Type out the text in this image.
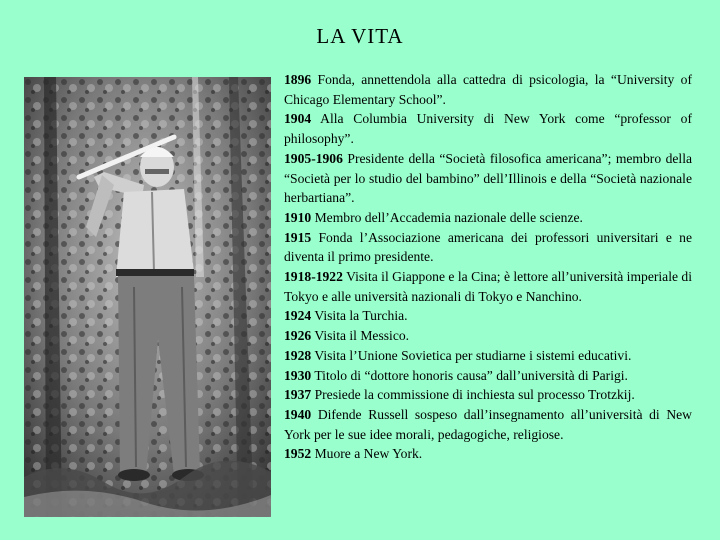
LA VITA

1896 Fonda, annettendola alla cattedra di psicologia, la “University of Chicago Elementary School”.

1904 Alla Columbia University di New York come “professor of philosophy”.

1905-1906 Presidente della “Società filosofica americana”; membro della “Società per lo studio del bambino” dell’Illinois e della “Società nazionale herbartiana”.

1910 Membro dell’Accademia nazionale delle scienze.

1915 Fonda l’Associazione americana dei professori universitari e ne diventa il primo presidente.

1918-1922 Visita il Giappone e la Cina; è lettore all’università imperiale di Tokyo e alle università nazionali di Tokyo e Nanchino.

1924 Visita la Turchia.

1926 Visita il Messico.

1928 Visita l’Unione Sovietica per studiarne i sistemi educativi.

1930 Titolo di “dottore honoris causa” dall’università di Parigi.

1937 Presiede la commissione di inchiesta sul processo Trotzkij.

1940 Difende Russell sospeso dall’insegnamento all’università di New York per le sue idee morali, pedagogiche, religiose.

1952 Muore a New York.
